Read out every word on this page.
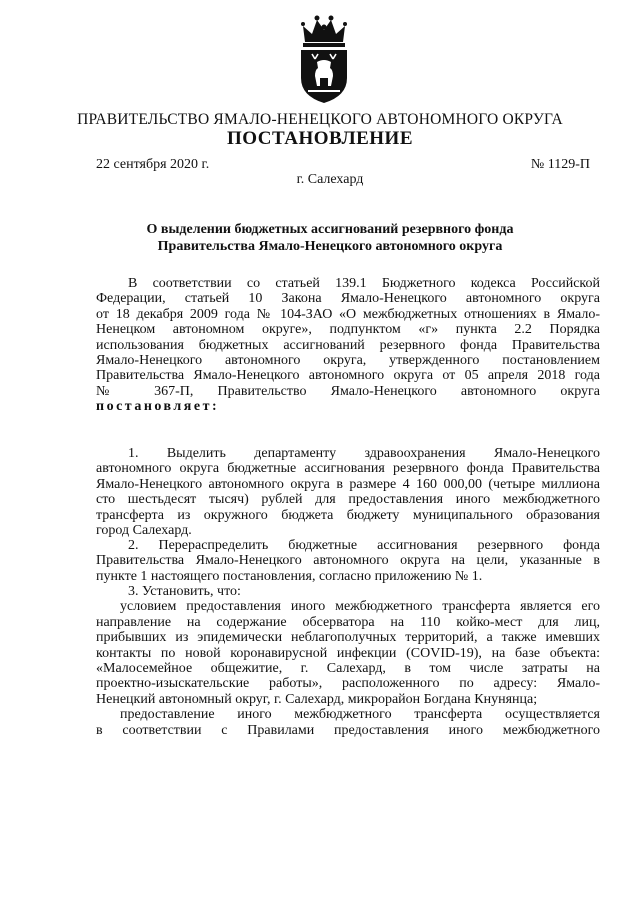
ПРАВИТЕЛЬСТВО ЯМАЛО-НЕНЕЦКОГО АВТОНОМНОГО ОКРУГА
ПОСТАНОВЛЕНИЕ
22 сентября 2020 г.	№ 1129-П
г. Салехард
О выделении бюджетных ассигнований резервного фонда
Правительства Ямало-Ненецкого автономного округа
В соответствии со статьей 139.1 Бюджетного кодекса Российской
Федерации, статьей 10 Закона Ямало-Ненецкого автономного округа
от 18 декабря 2009 года № 104-ЗАО «О межбюджетных отношениях в Ямало-
Ненецком автономном округе», подпунктом «г» пункта 2.2 Порядка
использования бюджетных ассигнований резервного фонда Правительства
Ямало-Ненецкого автономного округа, утвержденного постановлением
Правительства Ямало-Ненецкого автономного округа от 05 апреля 2018 года
№ 367-П, Правительство Ямало-Ненецкого автономного округа
постановляет:
1. Выделить департаменту здравоохранения Ямало-Ненецкого
автономного округа бюджетные ассигнования резервного фонда Правительства
Ямало-Ненецкого автономного округа в размере 4 160 000,00 (четыре миллиона
сто шестьдесят тысяч) рублей для предоставления иного межбюджетного
трансферта из окружного бюджета бюджету муниципального образования
город Салехард.
2. Перераспределить бюджетные ассигнования резервного фонда
Правительства Ямало-Ненецкого автономного округа на цели, указанные в
пункте 1 настоящего постановления, согласно приложению № 1.
3. Установить, что:
условием предоставления иного межбюджетного трансферта является его
направление на содержание обсерватора на 110 койко-мест для лиц,
прибывших из эпидемически неблагополучных территорий, а также имевших
контакты по новой коронавирусной инфекции (COVID-19), на базе объекта:
«Малосемейное общежитие, г. Салехард, в том числе затраты на
проектно-изыскательские работы», расположенного по адресу: Ямало-
Ненецкий автономный округ, г. Салехард, микрорайон Богдана Кнунянца;
предоставление иного межбюджетного трансферта осуществляется
в соответствии с Правилами предоставления иного межбюджетного
